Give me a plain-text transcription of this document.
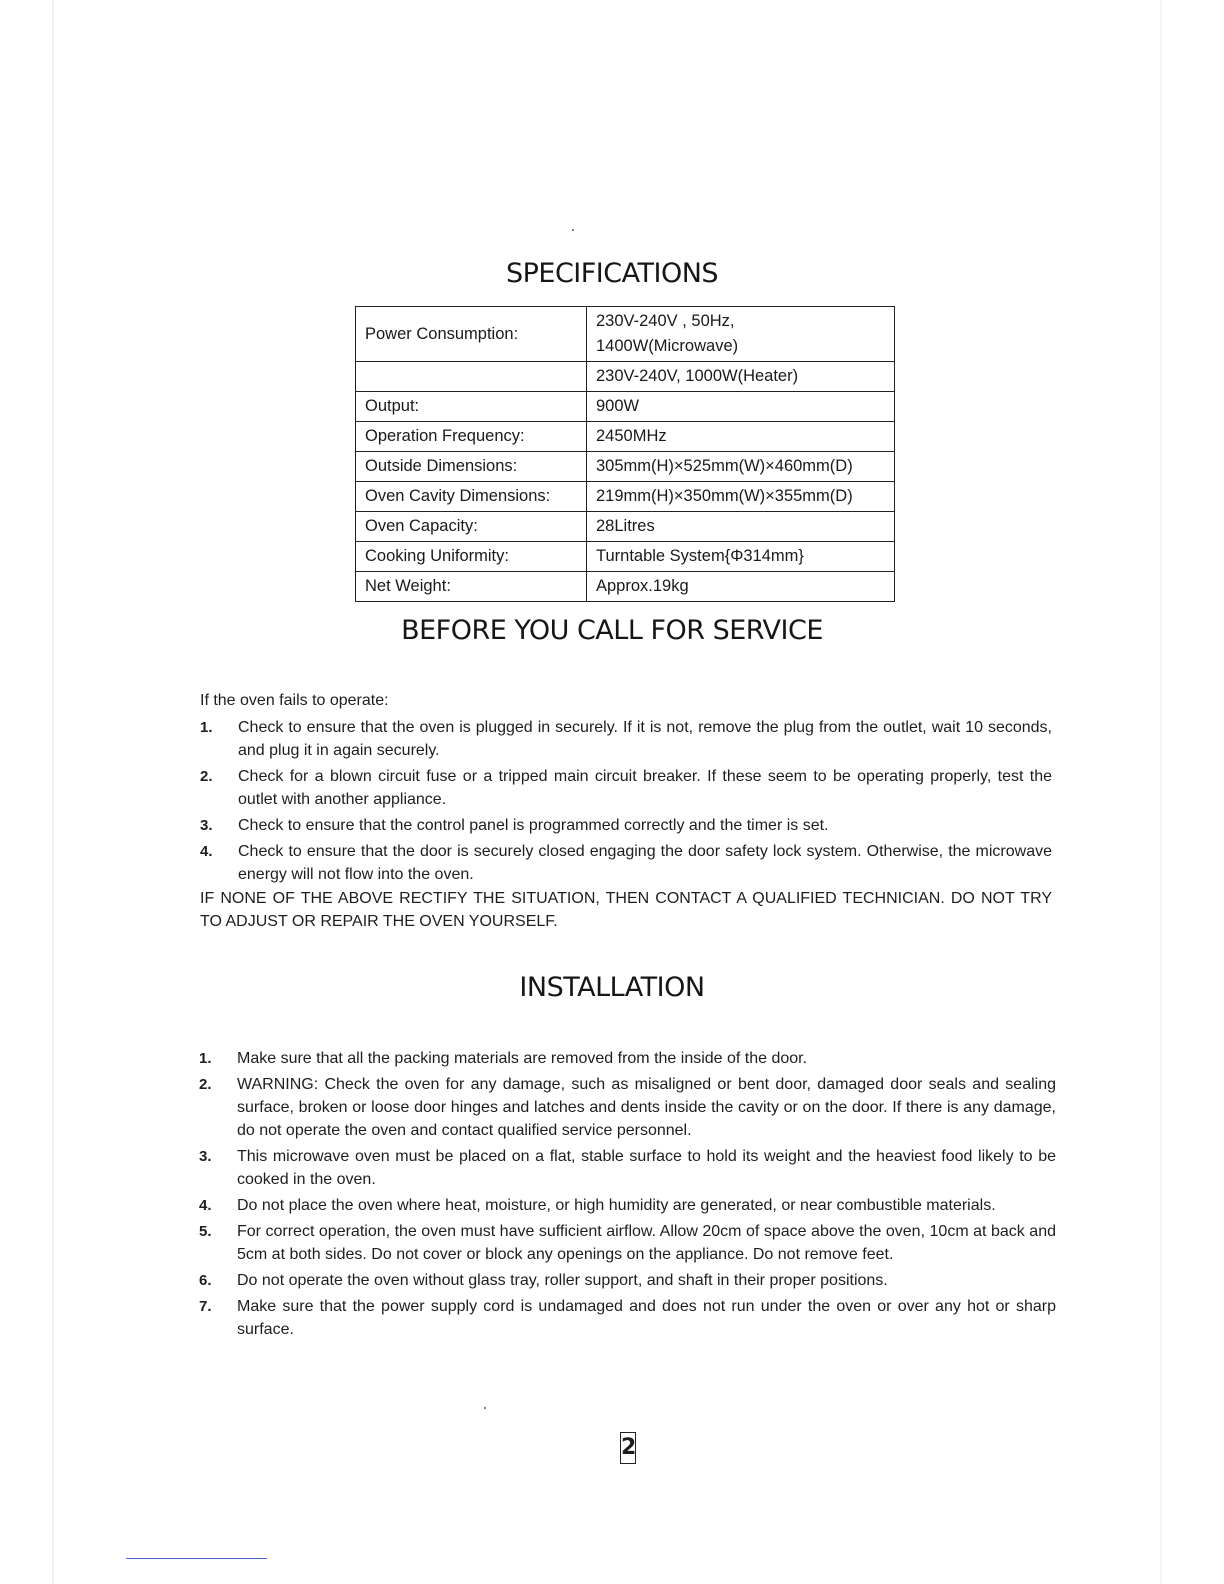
SPECIFICATIONS
Power Consumption:	230V-240V , 50Hz,
1400W(Microwave)

	230V-240V, 1000W(Heater)

Output:	900W

Operation Frequency:	2450MHz

Outside Dimensions:	305mm(H)×525mm(W)×460mm(D)

Oven Cavity Dimensions:	219mm(H)×350mm(W)×355mm(D)

Oven Capacity:	28Litres

Cooking Uniformity:	Turntable System{Φ314mm}

Net Weight:	Approx.19kg
BEFORE YOU CALL FOR SERVICE
If the oven fails to operate:
1. Check to ensure that the oven is plugged in securely. If it is not, remove the plug from the outlet, wait 10 seconds, and plug it in again securely.
2. Check for a blown circuit fuse or a tripped main circuit breaker. If these seem to be operating properly, test the outlet with another appliance.
3. Check to ensure that the control panel is programmed correctly and the timer is set.
4. Check to ensure that the door is securely closed engaging the door safety lock system. Otherwise, the microwave energy will not flow into the oven.
IF NONE OF THE ABOVE RECTIFY THE SITUATION, THEN CONTACT A QUALIFIED TECHNICIAN. DO NOT TRY TO ADJUST OR REPAIR THE OVEN YOURSELF.
INSTALLATION
1. Make sure that all the packing materials are removed from the inside of the door.
2. WARNING: Check the oven for any damage, such as misaligned or bent door, damaged door seals and sealing surface, broken or loose door hinges and latches and dents inside the cavity or on the door. If there is any damage, do not operate the oven and contact qualified service personnel.
3. This microwave oven must be placed on a flat, stable surface to hold its weight and the heaviest food likely to be cooked in the oven.
4. Do not place the oven where heat, moisture, or high humidity are generated, or near combustible materials.
5. For correct operation, the oven must have sufficient airflow. Allow 20cm of space above the oven, 10cm at back and 5cm at both sides. Do not cover or block any openings on the appliance. Do not remove feet.
6. Do not operate the oven without glass tray, roller support, and shaft in their proper positions.
7. Make sure that the power supply cord is undamaged and does not run under the oven or over any hot or sharp surface.
2
